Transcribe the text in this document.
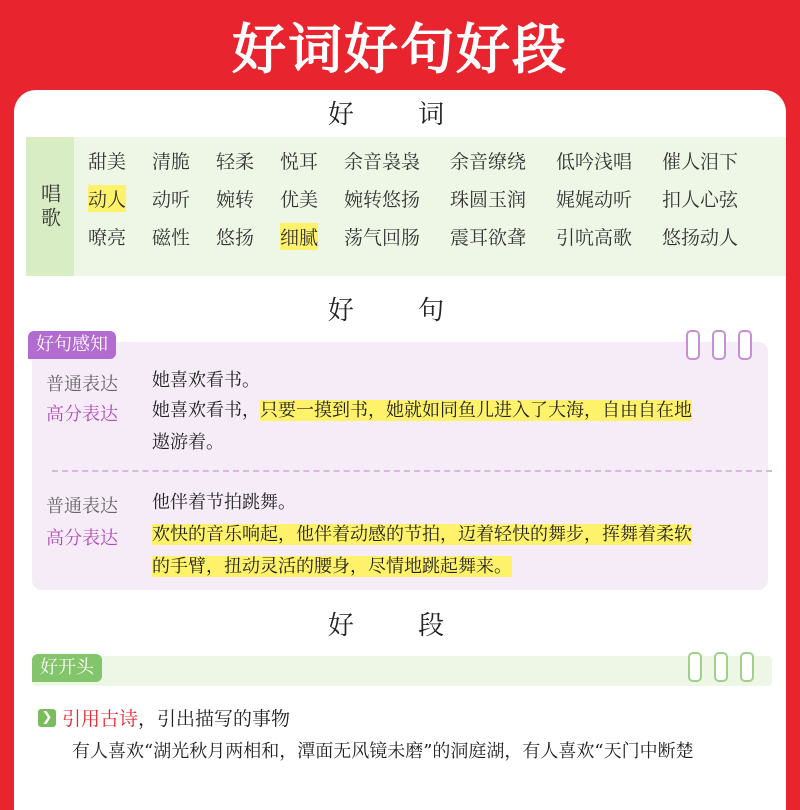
好词好句好段
好 词
唱歌
甜美 清脆 轻柔 悦耳 余音袅袅 余音缭绕 低吟浅唱 催人泪下
动人 动听 婉转 优美 婉转悠扬 珠圆玉润 娓娓动听 扣人心弦
嘹亮 磁性 悠扬 细腻 荡气回肠 震耳欲聋 引吭高歌 悠扬动人
好 句
普通表达 她喜欢看书。
高分表达 她喜欢看书，只要一摸到书，她就如同鱼儿进入了大海，自由自在地
遨游着。
普通表达 他伴着节拍跳舞。
高分表达 欢快的音乐响起，他伴着动感的节拍，迈着轻快的舞步，挥舞着柔软
的手臂，扭动灵活的腰身，尽情地跳起舞来。
好句感知
好 段
好开头
❯ 引用古诗，引出描写的事物
有人喜欢“湖光秋月两相和，潭面无风镜未磨”的洞庭湖，有人喜欢“天门中断楚
